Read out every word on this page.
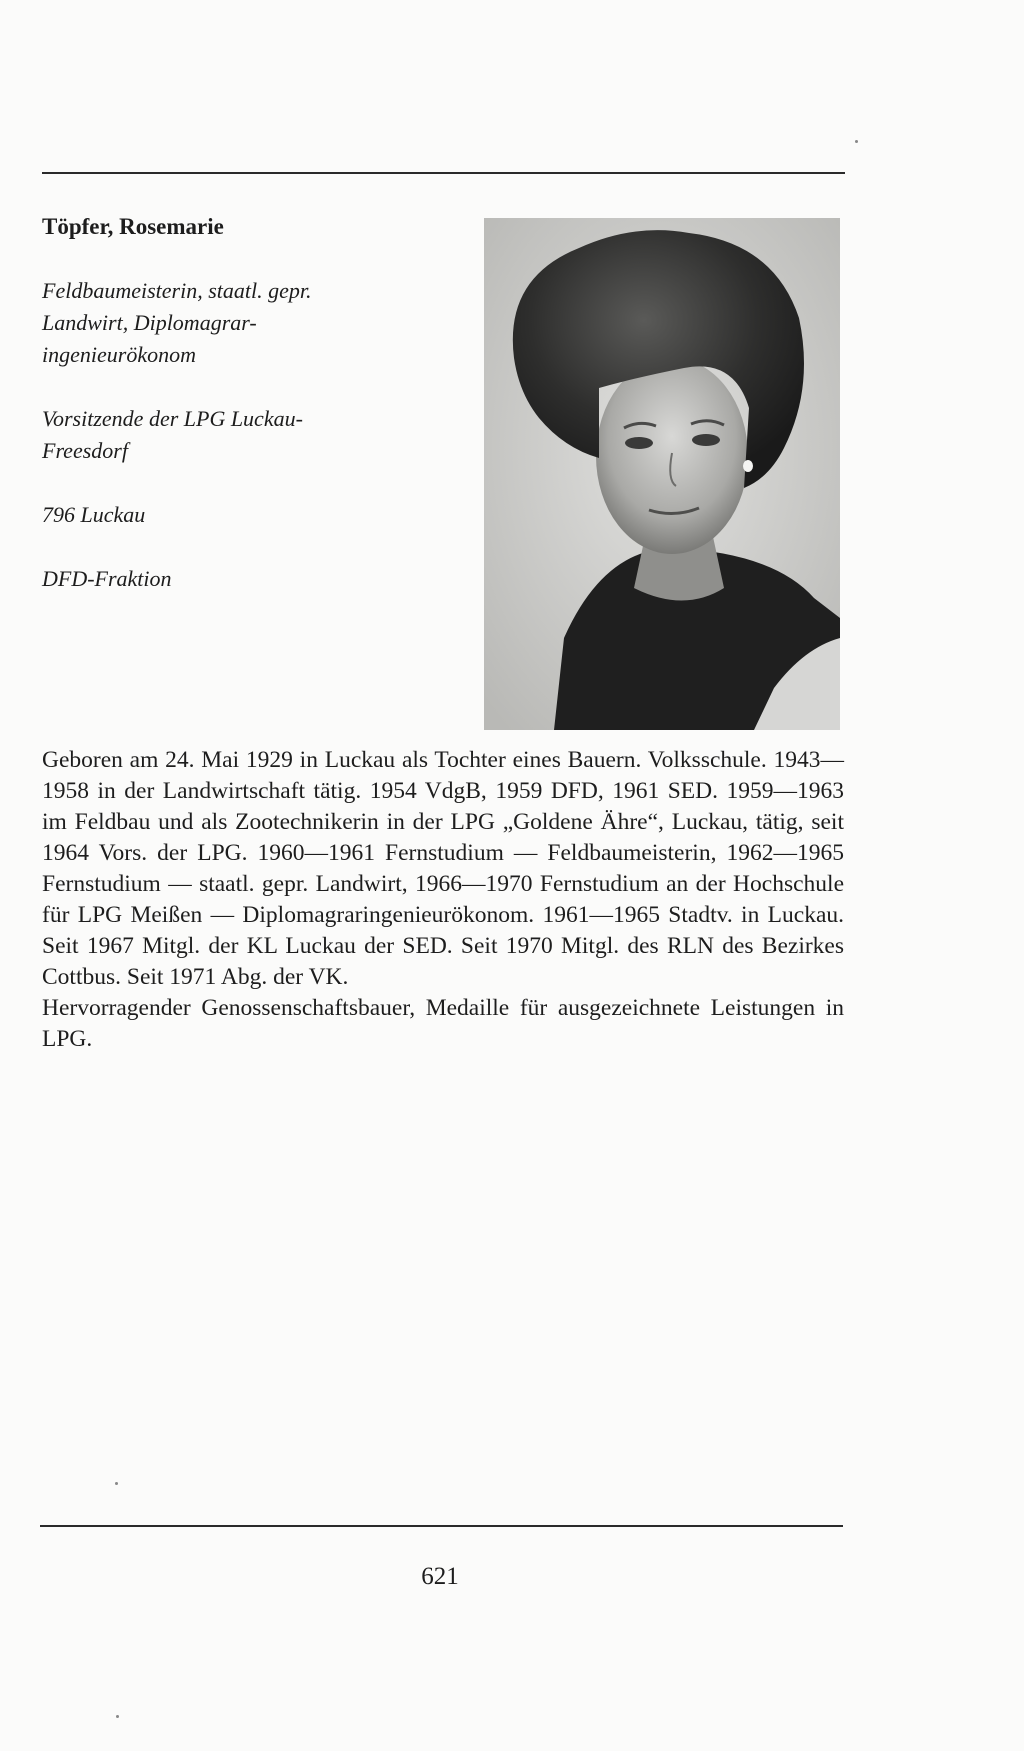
Töpfer, Rosemarie

Feldbaumeisterin, staatl. gepr.
Landwirt, Diplomagrar-
ingenieurökonom

Vorsitzende der LPG Luckau-
Freesdorf

796 Luckau

DFD-Fraktion

Geboren am 24. Mai 1929 in Luckau als Tochter eines Bauern. Volksschule. 1943—1958 in der Landwirtschaft tätig. 1954 VdgB, 1959 DFD, 1961 SED. 1959—1963 im Feldbau und als Zootechnikerin in der LPG „Goldene Ähre“, Luckau, tätig, seit 1964 Vors. der LPG. 1960—1961 Fernstudium — Feldbaumeisterin, 1962—1965 Fernstudium — staatl. gepr. Landwirt, 1966—1970 Fernstudium an der Hochschule für LPG Meißen — Diplomagraringenieurökonom. 1961—1965 Stadtv. in Luckau. Seit 1967 Mitgl. der KL Luckau der SED. Seit 1970 Mitgl. des RLN des Bezirkes Cottbus. Seit 1971 Abg. der VK.

Hervorragender Genossenschaftsbauer, Medaille für ausgezeichnete Leistungen in LPG.

621
